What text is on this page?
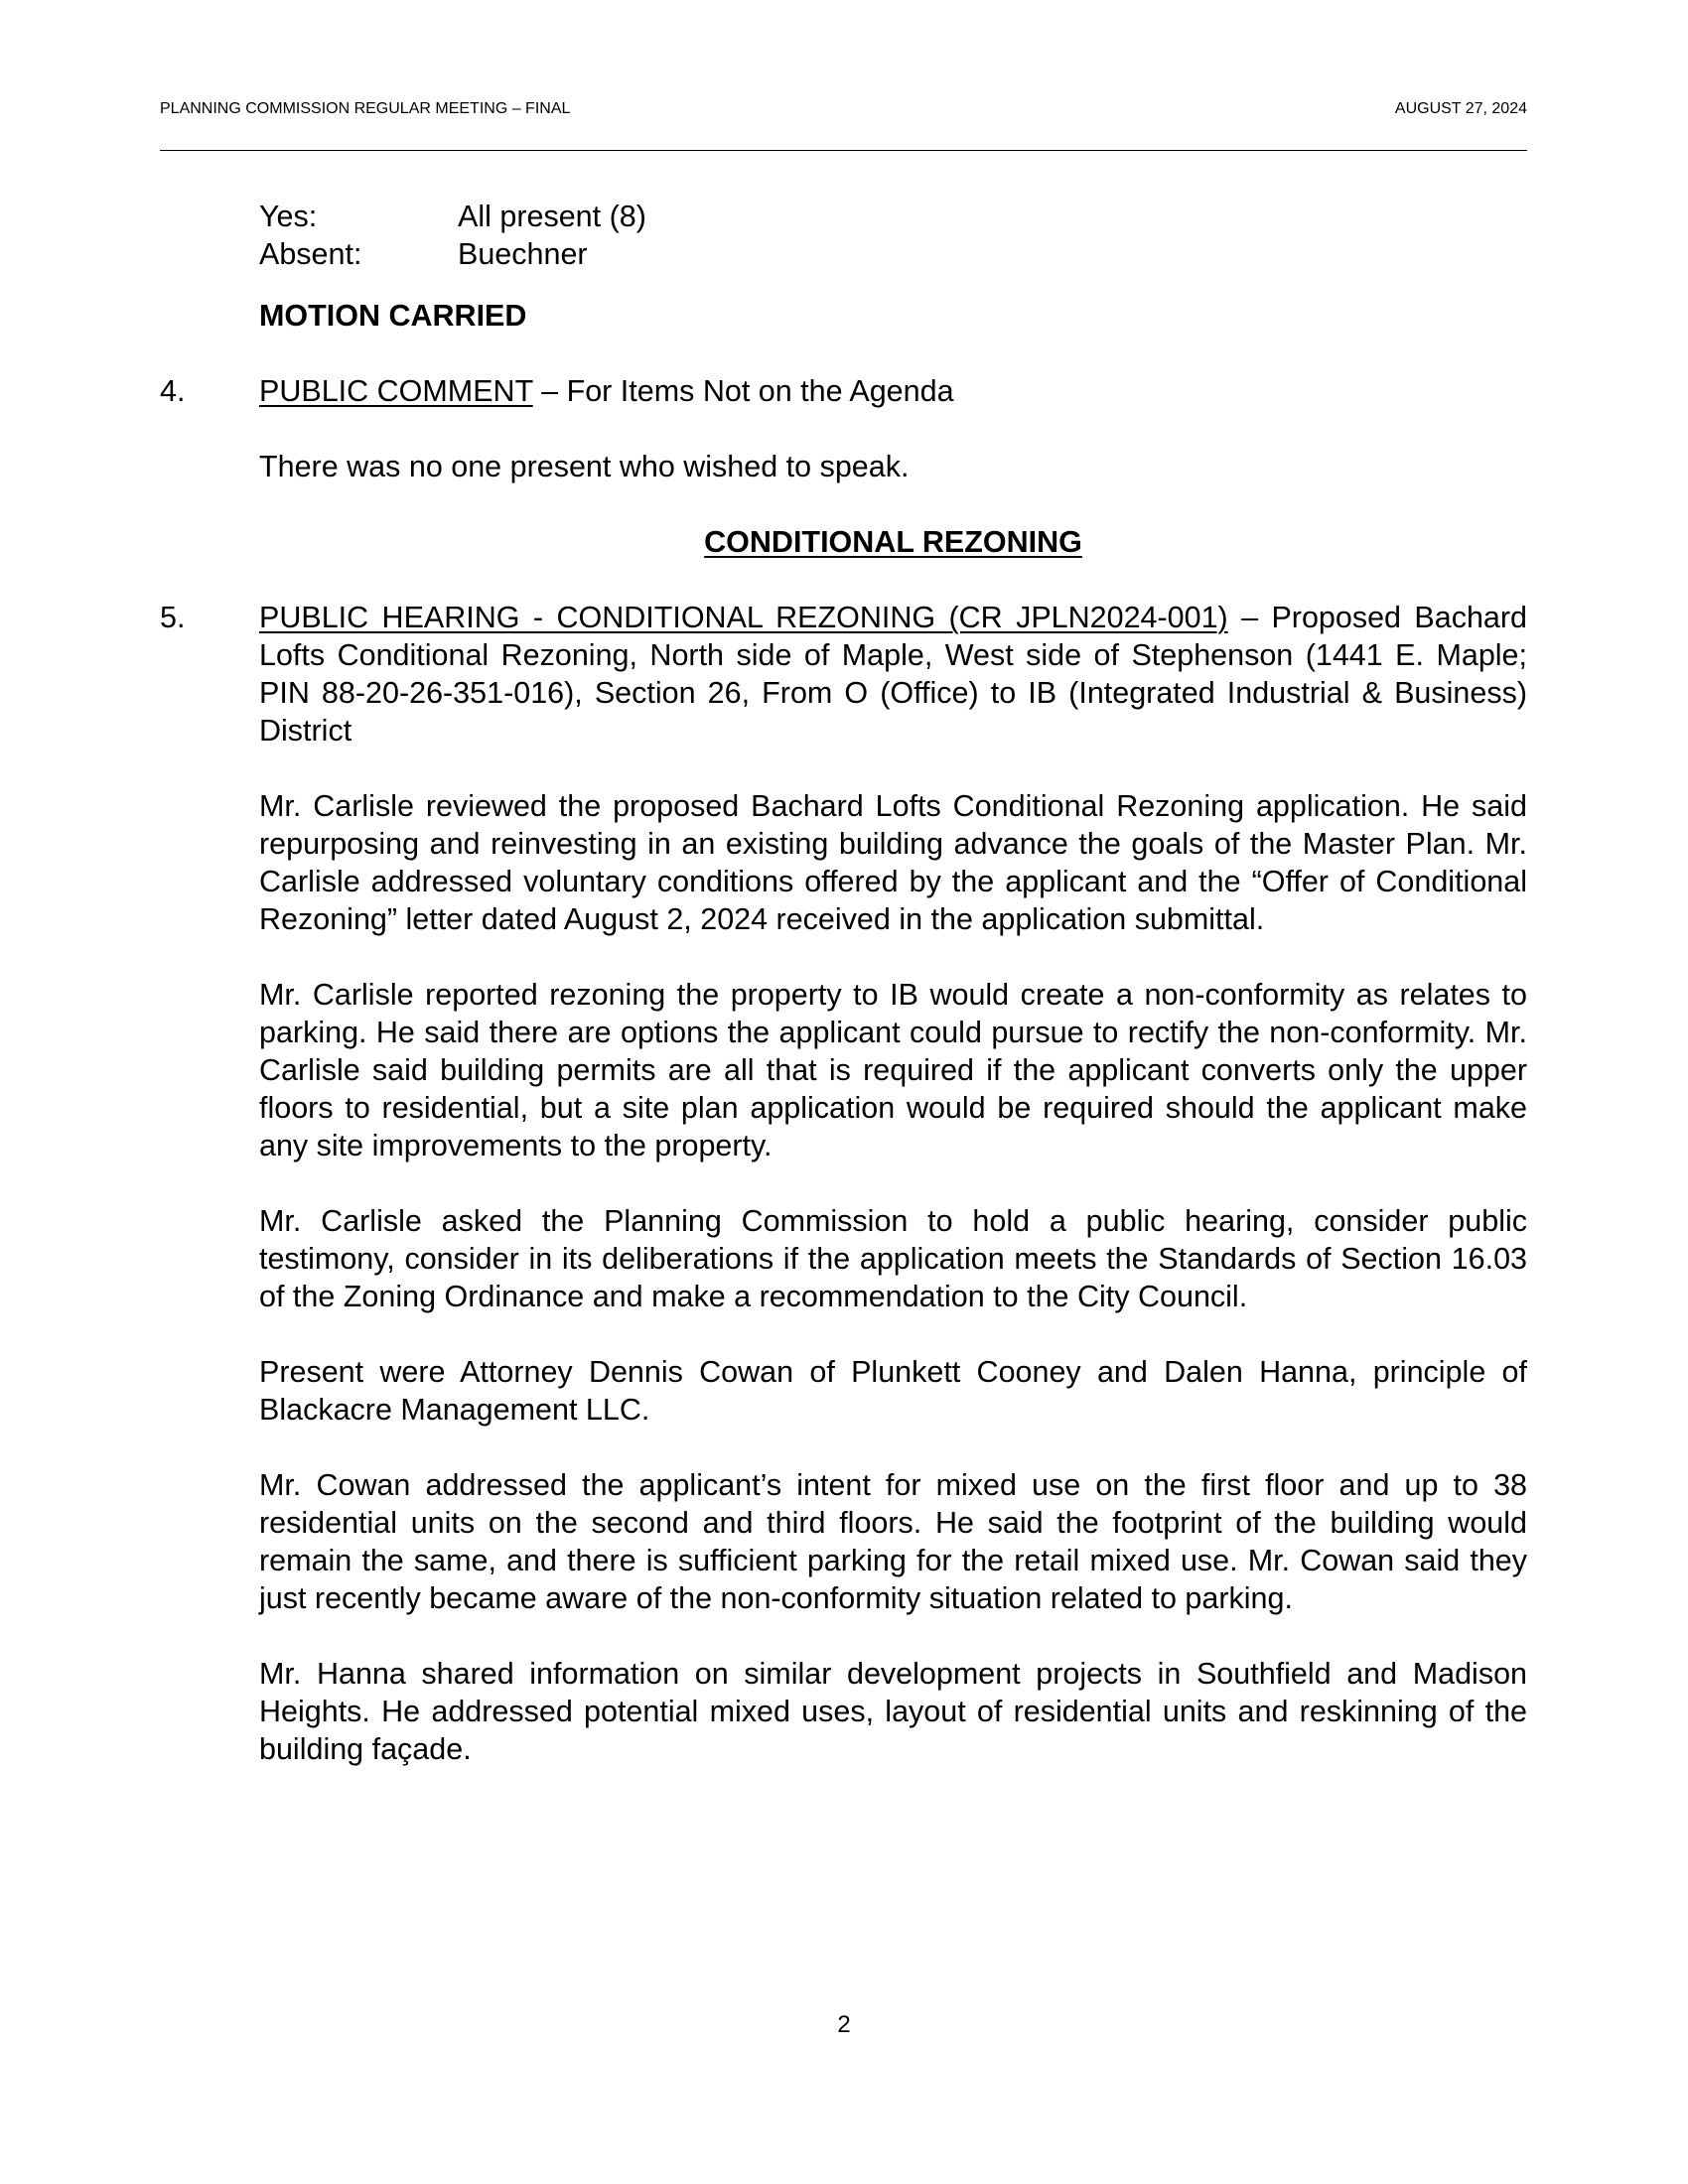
PLANNING COMMISSION REGULAR MEETING – FINAL	AUGUST 27, 2024
Yes:	All present (8)
Absent:	Buechner
MOTION CARRIED
4. PUBLIC COMMENT – For Items Not on the Agenda
There was no one present who wished to speak.
CONDITIONAL REZONING
5. PUBLIC HEARING - CONDITIONAL REZONING (CR JPLN2024-001) – Proposed Bachard Lofts Conditional Rezoning, North side of Maple, West side of Stephenson (1441 E. Maple; PIN 88-20-26-351-016), Section 26, From O (Office) to IB (Integrated Industrial & Business) District
Mr. Carlisle reviewed the proposed Bachard Lofts Conditional Rezoning application. He said repurposing and reinvesting in an existing building advance the goals of the Master Plan. Mr. Carlisle addressed voluntary conditions offered by the applicant and the “Offer of Conditional Rezoning” letter dated August 2, 2024 received in the application submittal.
Mr. Carlisle reported rezoning the property to IB would create a non-conformity as relates to parking. He said there are options the applicant could pursue to rectify the non-conformity. Mr. Carlisle said building permits are all that is required if the applicant converts only the upper floors to residential, but a site plan application would be required should the applicant make any site improvements to the property.
Mr. Carlisle asked the Planning Commission to hold a public hearing, consider public testimony, consider in its deliberations if the application meets the Standards of Section 16.03 of the Zoning Ordinance and make a recommendation to the City Council.
Present were Attorney Dennis Cowan of Plunkett Cooney and Dalen Hanna, principle of Blackacre Management LLC.
Mr. Cowan addressed the applicant’s intent for mixed use on the first floor and up to 38 residential units on the second and third floors. He said the footprint of the building would remain the same, and there is sufficient parking for the retail mixed use. Mr. Cowan said they just recently became aware of the non-conformity situation related to parking.
Mr. Hanna shared information on similar development projects in Southfield and Madison Heights. He addressed potential mixed uses, layout of residential units and reskinning of the building façade.
2
